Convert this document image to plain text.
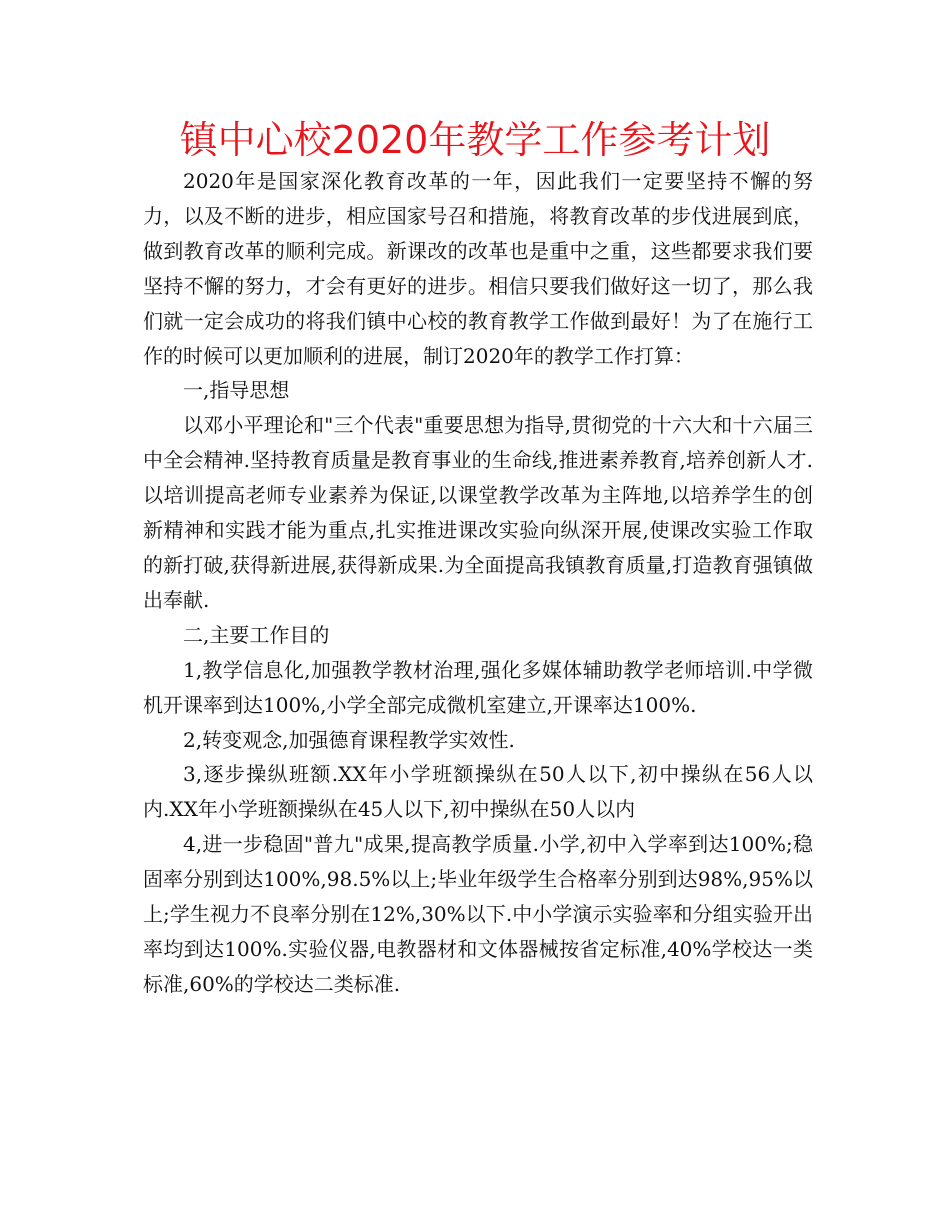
镇中心校2020年教学工作参考计划

2020年是国家深化教育改革的一年，因此我们一定要坚持不懈的努力，以及不断的进步，相应国家号召和措施，将教育改革的步伐进展到底，做到教育改革的顺利完成。新课改的改革也是重中之重，这些都要求我们要坚持不懈的努力，才会有更好的进步。相信只要我们做好这一切了，那么我们就一定会成功的将我们镇中心校的教育教学工作做到最好！为了在施行工作的时候可以更加顺利的进展，制订2020年的教学工作打算：

一,指导思想

以邓小平理论和"三个代表"重要思想为指导,贯彻党的十六大和十六届三中全会精神.坚持教育质量是教育事业的生命线,推进素养教育,培养创新人才.以培训提高老师专业素养为保证,以课堂教学改革为主阵地,以培养学生的创新精神和实践才能为重点,扎实推进课改实验向纵深开展,使课改实验工作取的新打破,获得新进展,获得新成果.为全面提高我镇教育质量,打造教育强镇做出奉献.

二,主要工作目的

1,教学信息化,加强教学教材治理,强化多媒体辅助教学老师培训.中学微机开课率到达100%,小学全部完成微机室建立,开课率达100%.

2,转变观念,加强德育课程教学实效性.

3,逐步操纵班额.XX年小学班额操纵在50人以下,初中操纵在56人以内.XX年小学班额操纵在45人以下,初中操纵在50人以内

4,进一步稳固"普九"成果,提高教学质量.小学,初中入学率到达100%;稳固率分别到达100%,98.5%以上;毕业年级学生合格率分别到达98%,95%以上;学生视力不良率分别在12%,30%以下.中小学演示实验率和分组实验开出率均到达100%.实验仪器,电教器材和文体器械按省定标准,40%学校达一类标准,60%的学校达二类标准.
